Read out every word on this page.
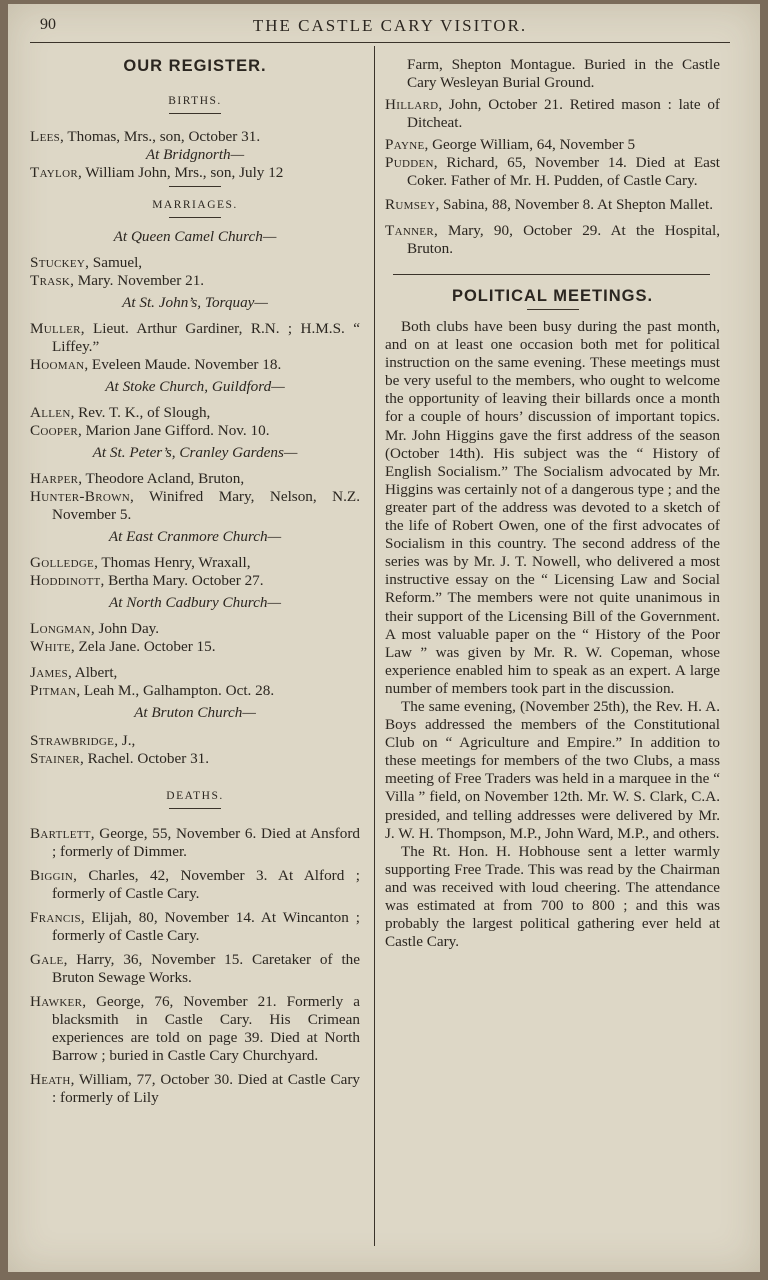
90	THE CASTLE CARY VISITOR.
OUR REGISTER.

BIRTHS.

Lees, Thomas, Mrs., son, October 31.

At Bridgnorth—

Taylor, William John, Mrs., son, July 12

MARRIAGES.

At Queen Camel Church—

Stuckey, Samuel,

Trask, Mary. November 21.

At St. John’s, Torquay—

Muller, Lieut. Arthur Gardiner, R.N. ; H.M.S. “ Liffey.”

Hooman, Eveleen Maude. November 18.

At Stoke Church, Guildford—

Allen, Rev. T. K., of Slough,

Cooper, Marion Jane Gifford. Nov. 10.

At St. Peter’s, Cranley Gardens—

Harper, Theodore Acland, Bruton,

Hunter-Brown, Winifred Mary, Nelson, N.Z. November 5.

At East Cranmore Church—

Golledge, Thomas Henry, Wraxall,

Hoddinott, Bertha Mary. October 27.

At North Cadbury Church—

Longman, John Day.

White, Zela Jane. October 15.

James, Albert,

Pitman, Leah M., Galhampton. Oct. 28.

At Bruton Church—

Strawbridge, J.,

Stainer, Rachel. October 31.

DEATHS.

Bartlett, George, 55, November 6. Died at Ansford ; formerly of Dimmer.

Biggin, Charles, 42, November 3. At Alford ; formerly of Castle Cary.

Francis, Elijah, 80, November 14. At Wincanton ; formerly of Castle Cary.

Gale, Harry, 36, November 15. Caretaker of the Bruton Sewage Works.

Hawker, George, 76, November 21. Formerly a blacksmith in Castle Cary. His Crimean experiences are told on page 39. Died at North Barrow ; buried in Castle Cary Churchyard.

Heath, William, 77, October 30. Died at Castle Cary : formerly of Lily

Farm, Shepton Montague. Buried in the Castle Cary Wesleyan Burial Ground.

Hillard, John, October 21. Retired mason : late of Ditcheat.

Payne, George William, 64, November 5

Pudden, Richard, 65, November 14. Died at East Coker. Father of Mr. H. Pudden, of Castle Cary.

Rumsey, Sabina, 88, November 8. At Shepton Mallet.

Tanner, Mary, 90, October 29. At the Hospital, Bruton.

POLITICAL MEETINGS.

Both clubs have been busy during the past month, and on at least one occasion both met for political instruction on the same evening. These meetings must be very useful to the members, who ought to welcome the opportunity of leaving their billards once a month for a couple of hours’ discussion of important topics. Mr. John Higgins gave the first address of the season (October 14th). His subject was the “ History of English Socialism.” The Socialism advocated by Mr. Higgins was certainly not of a dangerous type ; and the greater part of the address was devoted to a sketch of the life of Robert Owen, one of the first advocates of Socialism in this country. The second address of the series was by Mr. J. T. Nowell, who delivered a most instructive essay on the “ Licensing Law and Social Reform.” The members were not quite unanimous in their support of the Licensing Bill of the Government. A most valuable paper on the “ History of the Poor Law ” was given by Mr. R. W. Copeman, whose experience enabled him to speak as an expert. A large number of members took part in the discussion.

The same evening, (November 25th), the Rev. H. A. Boys addressed the members of the Constitutional Club on “ Agriculture and Empire.” In addition to these meetings for members of the two Clubs, a mass meeting of Free Traders was held in a marquee in the “ Villa ” field, on November 12th. Mr. W. S. Clark, C.A. presided, and telling addresses were delivered by Mr. J. W. H. Thompson, M.P., John Ward, M.P., and others.

The Rt. Hon. H. Hobhouse sent a letter warmly supporting Free Trade. This was read by the Chairman and was received with loud cheering. The attendance was estimated at from 700 to 800 ; and this was probably the largest political gathering ever held at Castle Cary.
